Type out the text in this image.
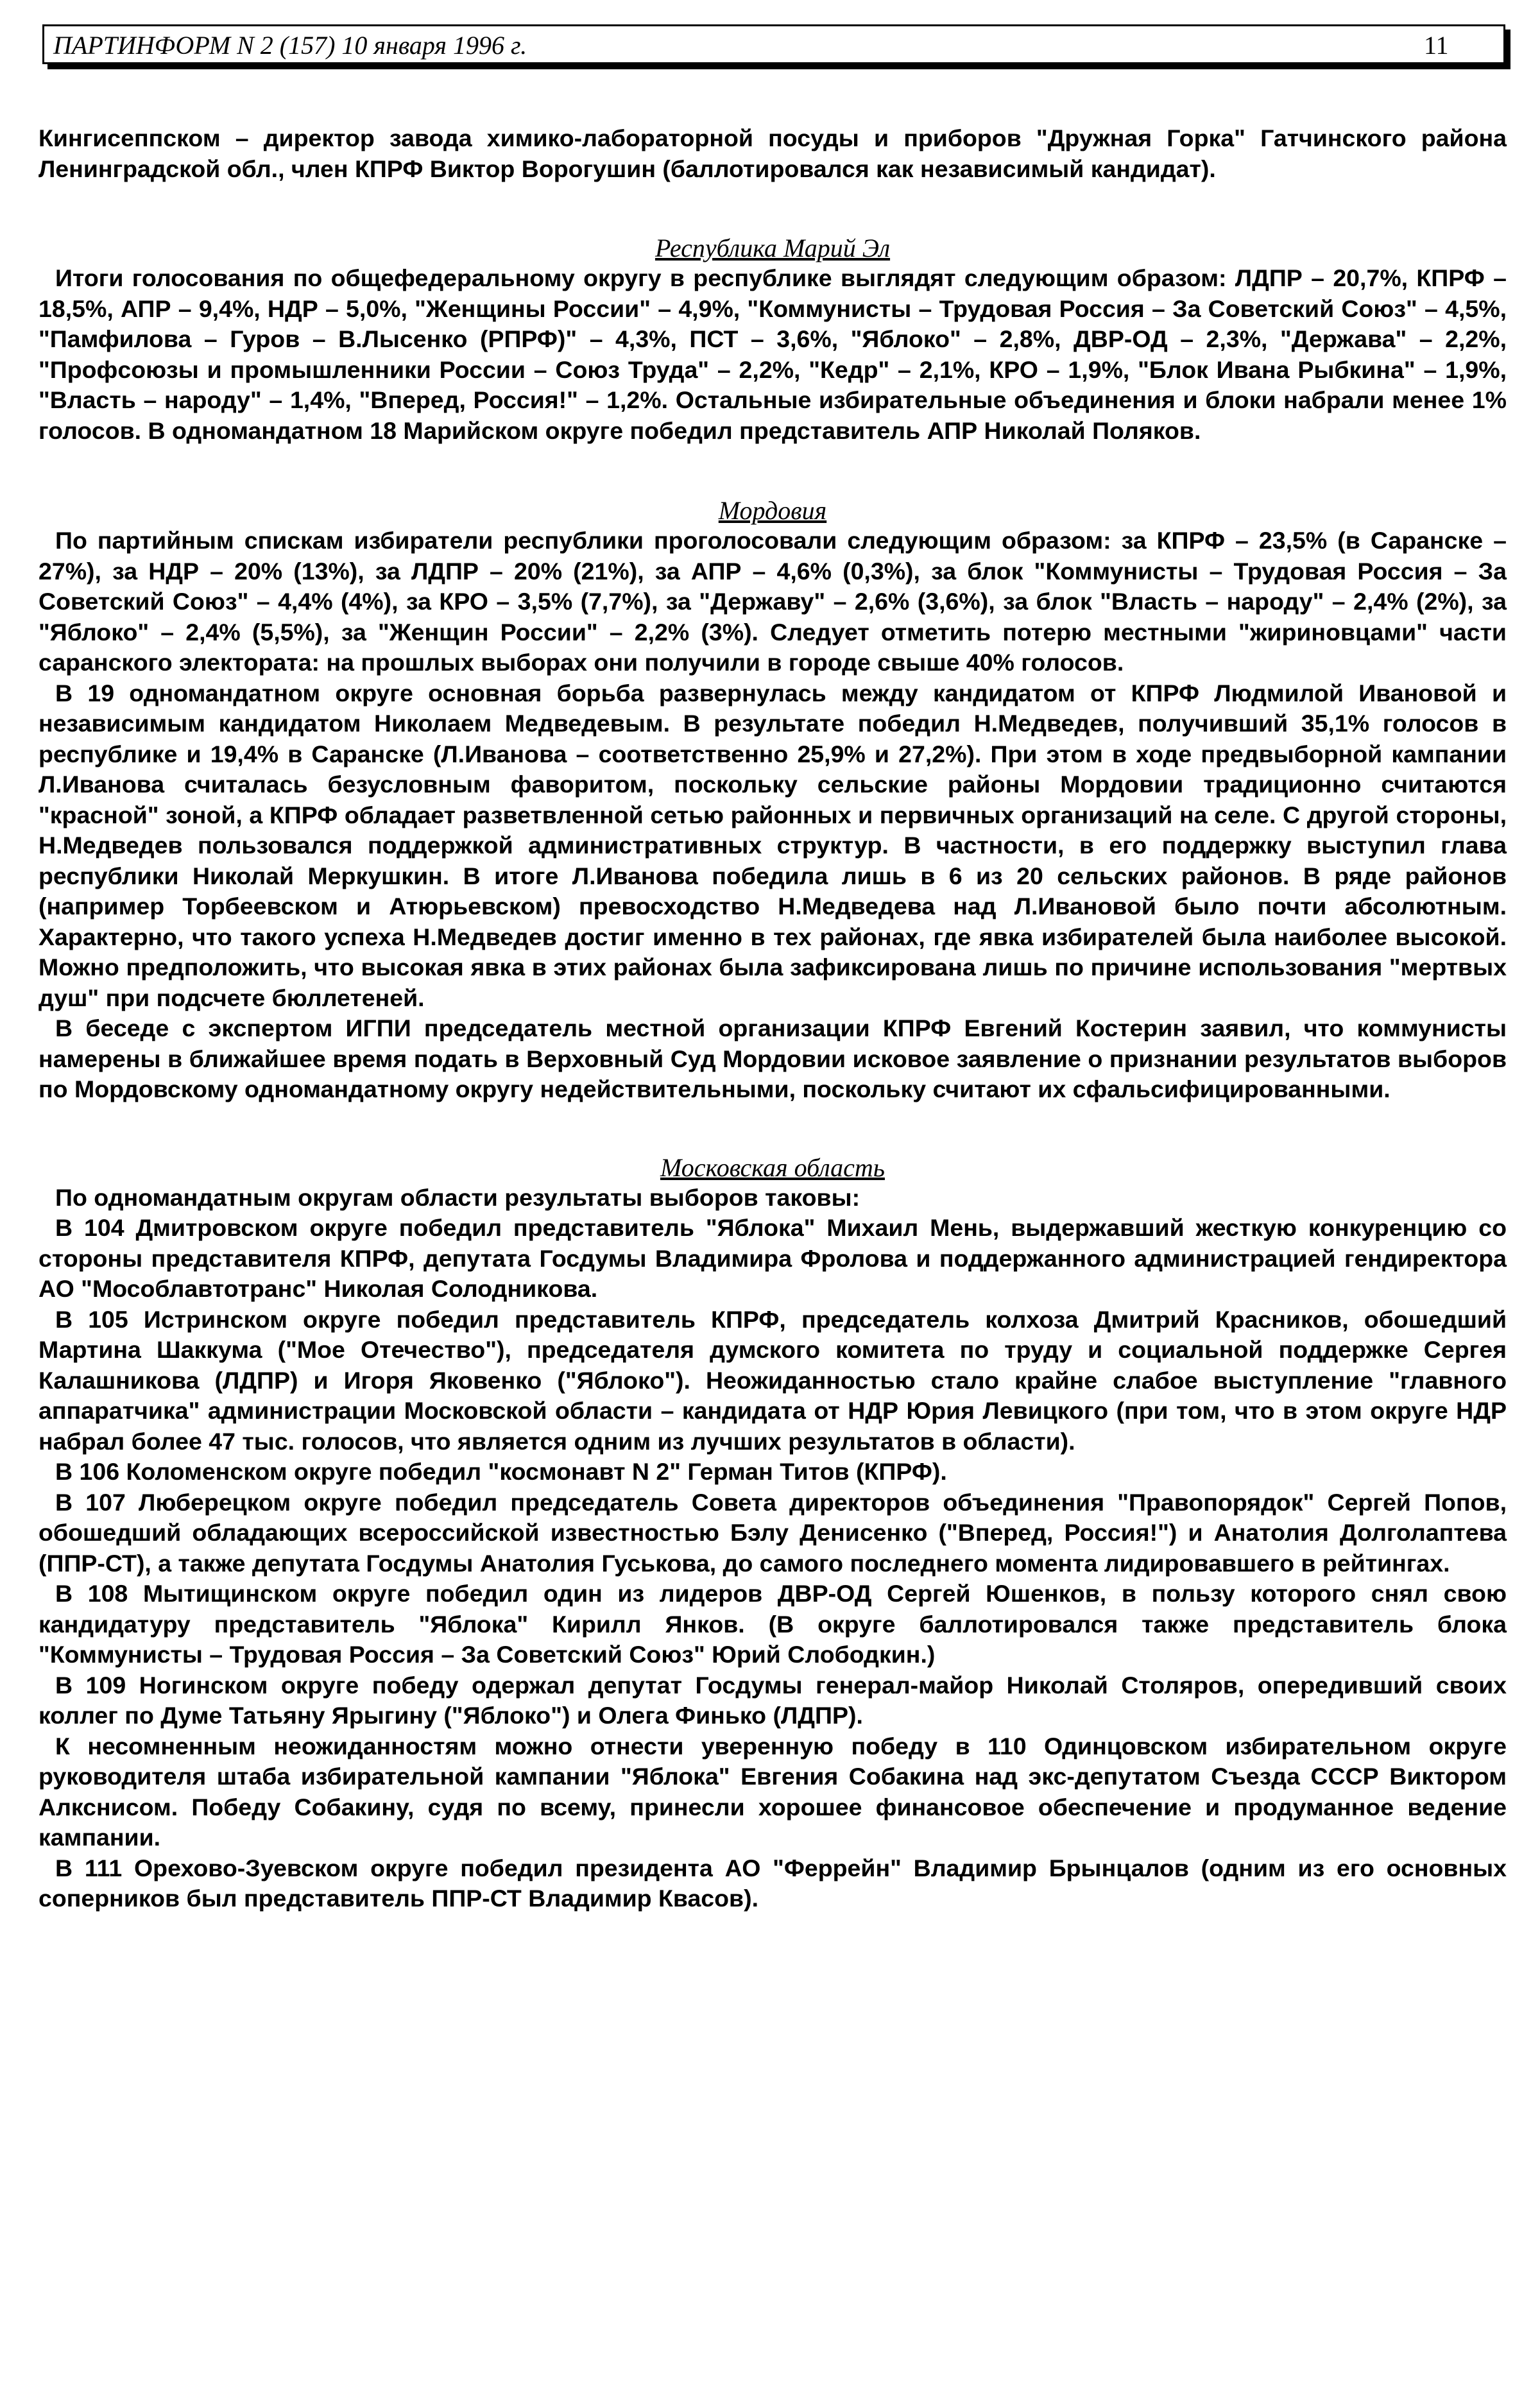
ПАРТИНФОРМ N 2 (157) 10 января 1996 г.	11

Кингисеппском – директор завода химико-лабораторной посуды и приборов "Дружная Горка" Гатчинского района Ленинградской обл., член КПРФ Виктор Ворогушин (баллотировался как независимый кандидат).

Республика Марий Эл

Итоги голосования по общефедеральному округу в республике выглядят следующим образом: ЛДПР – 20,7%, КПРФ – 18,5%, АПР – 9,4%, НДР – 5,0%, "Женщины России" – 4,9%, "Коммунисты – Трудовая Россия – За Советский Союз" – 4,5%, "Памфилова – Гуров – В.Лысенко (РПРФ)" – 4,3%, ПСТ – 3,6%, "Яблоко" – 2,8%, ДВР-ОД – 2,3%, "Держава" – 2,2%, "Профсоюзы и промышленники России – Союз Труда" – 2,2%, "Кедр" – 2,1%, КРО – 1,9%, "Блок Ивана Рыбкина" – 1,9%, "Власть – народу" – 1,4%, "Вперед, Россия!" – 1,2%. Остальные избирательные объединения и блоки набрали менее 1% голосов. В одномандатном 18 Марийском округе победил представитель АПР Николай Поляков.

Мордовия

По партийным спискам избиратели республики проголосовали следующим образом: за КПРФ – 23,5% (в Саранске – 27%), за НДР – 20% (13%), за ЛДПР – 20% (21%), за АПР – 4,6% (0,3%), за блок "Коммунисты – Трудовая Россия – За Советский Союз" – 4,4% (4%), за КРО – 3,5% (7,7%), за "Державу" – 2,6% (3,6%), за блок "Власть – народу" – 2,4% (2%), за "Яблоко" – 2,4% (5,5%), за "Женщин России" – 2,2% (3%). Следует отметить потерю местными "жириновцами" части саранского электората: на прошлых выборах они получили в городе свыше 40% голосов.

В 19 одномандатном округе основная борьба развернулась между кандидатом от КПРФ Людмилой Ивановой и независимым кандидатом Николаем Медведевым. В результате победил Н.Медведев, получивший 35,1% голосов в республике и 19,4% в Саранске (Л.Иванова – соответственно 25,9% и 27,2%). При этом в ходе предвыборной кампании Л.Иванова считалась безусловным фаворитом, поскольку сельские районы Мордовии традиционно считаются "красной" зоной, а КПРФ обладает разветвленной сетью районных и первичных организаций на селе. С другой стороны, Н.Медведев пользовался поддержкой административных структур. В частности, в его поддержку выступил глава республики Николай Меркушкин. В итоге Л.Иванова победила лишь в 6 из 20 сельских районов. В ряде районов (например Торбеевском и Атюрьевском) превосходство Н.Медведева над Л.Ивановой было почти абсолютным. Характерно, что такого успеха Н.Медведев достиг именно в тех районах, где явка избирателей была наиболее высокой. Можно предположить, что высокая явка в этих районах была зафиксирована лишь по причине использования "мертвых душ" при подсчете бюллетеней.

В беседе с экспертом ИГПИ председатель местной организации КПРФ Евгений Костерин заявил, что коммунисты намерены в ближайшее время подать в Верховный Суд Мордовии исковое заявление о признании результатов выборов по Мордовскому одномандатному округу недействительными, поскольку считают их сфальсифицированными.

Московская область

По одномандатным округам области результаты выборов таковы:

В 104 Дмитровском округе победил представитель "Яблока" Михаил Мень, выдержавший жесткую конкуренцию со стороны представителя КПРФ, депутата Госдумы Владимира Фролова и поддержанного администрацией гендиректора АО "Мособлавтотранс" Николая Солодникова.

В 105 Истринском округе победил представитель КПРФ, председатель колхоза Дмитрий Красников, обошедший Мартина Шаккума ("Мое Отечество"), председателя думского комитета по труду и социальной поддержке Сергея Калашникова (ЛДПР) и Игоря Яковенко ("Яблоко"). Неожиданностью стало крайне слабое выступление "главного аппаратчика" администрации Московской области – кандидата от НДР Юрия Левицкого (при том, что в этом округе НДР набрал более 47 тыс. голосов, что является одним из лучших результатов в области).

В 106 Коломенском округе победил "космонавт N 2" Герман Титов (КПРФ).

В 107 Люберецком округе победил председатель Совета директоров объединения "Правопорядок" Сергей Попов, обошедший обладающих всероссийской известностью Бэлу Денисенко ("Вперед, Россия!") и Анатолия Долголаптева (ППР-СТ), а также депутата Госдумы Анатолия Гуськова, до самого последнего момента лидировавшего в рейтингах.

В 108 Мытищинском округе победил один из лидеров ДВР-ОД Сергей Юшенков, в пользу которого снял свою кандидатуру представитель "Яблока" Кирилл Янков. (В округе баллотировался также представитель блока "Коммунисты – Трудовая Россия – За Советский Союз" Юрий Слободкин.)

В 109 Ногинском округе победу одержал депутат Госдумы генерал-майор Николай Столяров, опередивший своих коллег по Думе Татьяну Ярыгину ("Яблоко") и Олега Финько (ЛДПР).

К несомненным неожиданностям можно отнести уверенную победу в 110 Одинцовском избирательном округе руководителя штаба избирательной кампании "Яблока" Евгения Собакина над экс-депутатом Съезда СССР Виктором Алкснисом. Победу Собакину, судя по всему, принесли хорошее финансовое обеспечение и продуманное ведение кампании.

В 111 Орехово-Зуевском округе победил президента АО "Феррейн" Владимир Брынцалов (одним из его основных соперников был представитель ППР-СТ Владимир Квасов).
